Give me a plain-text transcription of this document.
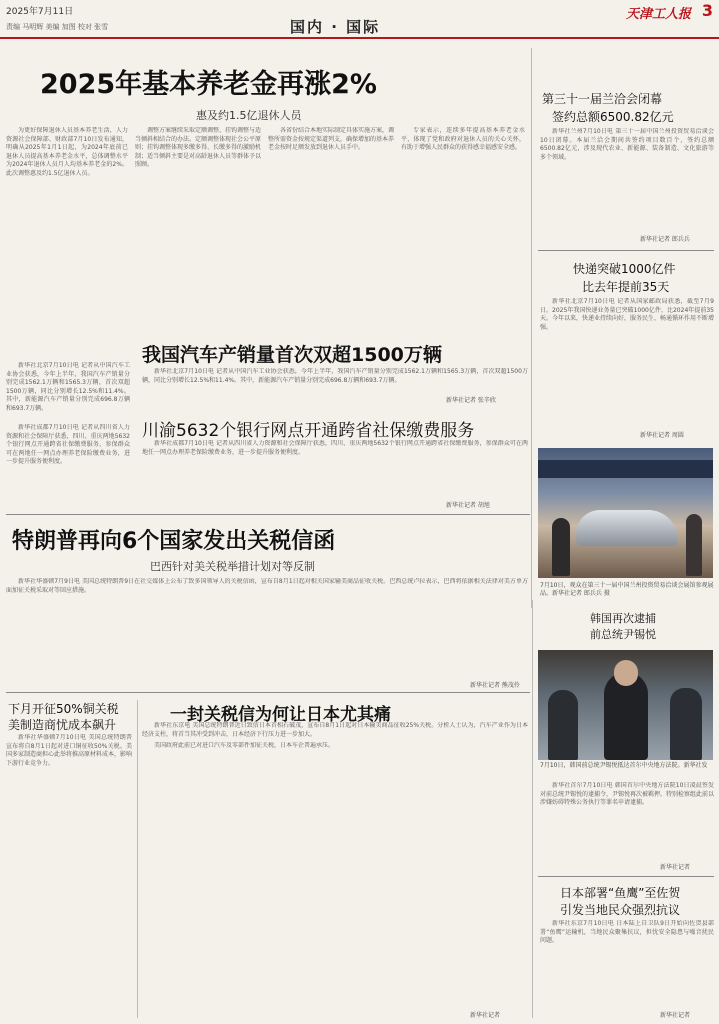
2025年7月11日
责编 马明辉 美编 加图 校对 张雪	国内 · 国际
天津工人报 3
2025年基本养老金再涨2%
惠及约1.5亿退休人员

为更好保障退休人员基本养老生活，人力资源社会保障部、财政部7月10日发布通知，明确从2025年1月1日起，为2024年底前已退休人员提高基本养老金水平，总体调整水平为2024年退休人员月人均基本养老金的2%。此次调整惠及约1.5亿退休人员。

调整方案继续采取定额调整、挂钩调整与适当倾斜相结合的办法。定额调整体现社会公平原则；挂钩调整体现多缴多得、长缴多得的激励机制；适当倾斜主要是对高龄退休人员等群体予以照顾。

各省份结合本地实际制定具体实施方案，调整所需资金按规定渠道列支，确保增加的基本养老金按时足额发放到退休人员手中。

专家表示，连续多年提高基本养老金水平，体现了党和政府对退休人员的关心关怀，有助于增强人民群众的获得感幸福感安全感。

第三十一届兰洽会闭幕
签约总额6500.82亿元

新华社兰州7月10日电 第三十一届中国兰州投资贸易洽谈会10日闭幕。本届兰洽会期间共签约项目数百个，签约总额6500.82亿元，涉及现代农业、新能源、装备制造、文化旅游等多个领域。

新华社记者 郎兵兵
快递突破1000亿件
比去年提前35天

新华社北京7月10日电 记者从国家邮政局获悉，截至7月9日，2025年我国快递业务量已突破1000亿件，比2024年提前35天。今年以来，快递业持续向好，服务民生、畅通循环作用不断增强。

新华社记者 周圆

新华社北京7月10日电 记者从中国汽车工业协会获悉，今年上半年，我国汽车产销量分别完成1562.1万辆和1565.3万辆，首次双超1500万辆，同比分别增长12.5%和11.4%。其中，新能源汽车产销量分别完成696.8万辆和693.7万辆。

我国汽车产销量首次双超1500万辆

新华社北京7月10日电 记者从中国汽车工业协会获悉，今年上半年，我国汽车产销量分别完成1562.1万辆和1565.3万辆，首次双超1500万辆，同比分别增长12.5%和11.4%。其中，新能源汽车产销量分别完成696.8万辆和693.7万辆。

新华社记者 张辛欣

新华社成都7月10日电 记者从四川省人力资源和社会保障厅获悉，四川、重庆两地5632个银行网点开通跨省社保缴费服务，参保群众可在两地任一网点办理养老保险缴费业务，进一步提升服务便利度。

川渝5632个银行网点开通跨省社保缴费服务

新华社成都7月10日电 记者从四川省人力资源和社会保障厅获悉，四川、重庆两地5632个银行网点开通跨省社保缴费服务，参保群众可在两地任一网点办理养老保险缴费业务，进一步提升服务便利度。

新华社记者 胡旭
7月10日，观众在第三十一届中国兰州投资贸易洽谈会展馆参观展品。新华社记者 郎兵兵 摄
特朗普再向6个国家发出关税信函
巴西针对美关税举措计划对等反制

新华社华盛顿7月9日电 美国总统特朗普9日在社交媒体上公布了致多国领导人的关税信函，宣布自8月1日起对相关国家输美商品征收关税。巴西总统卢拉表示，巴西将依据相关法律对美方单方面加征关税采取对等回应措施。

新华社记者 熊茂伶
下月开征50%铜关税
美制造商忧成本飙升

新华社华盛顿7月10日电 美国总统特朗普宣布将自8月1日起对进口铜征收50%关税。美国多家制造商担心此举将推高原材料成本，影响下游行业竞争力。

一封关税信为何让日本尤其痛

新华社东京电 美国总统特朗普近日致信日本首相石破茂，宣布自8月1日起对日本输美商品征收25%关税。分析人士认为，汽车产业作为日本经济支柱，将首当其冲受到冲击，日本经济下行压力进一步加大。

美国政府此前已对进口汽车及零部件加征关税，日本车企普遍承压。

新华社记者
韩国再次逮捕
前总统尹锡悦
7月10日，韩国前总统尹锡悦抵达首尔中央地方法院。新华社发

新华社首尔7月10日电 韩国首尔中央地方法院10日凌晨签发对前总统尹锡悦的逮捕令，尹锡悦再次被羁押。特别检察组此前以涉嫌妨碍特殊公务执行等罪名申请逮捕。

新华社记者
日本部署“鱼鹰”至佐贺
引发当地民众强烈抗议

新华社东京7月10日电 日本陆上自卫队9日开始向佐贺县部署“鱼鹰”运输机，当地民众聚集抗议，担忧安全隐患与噪音扰民问题。

新华社记者
